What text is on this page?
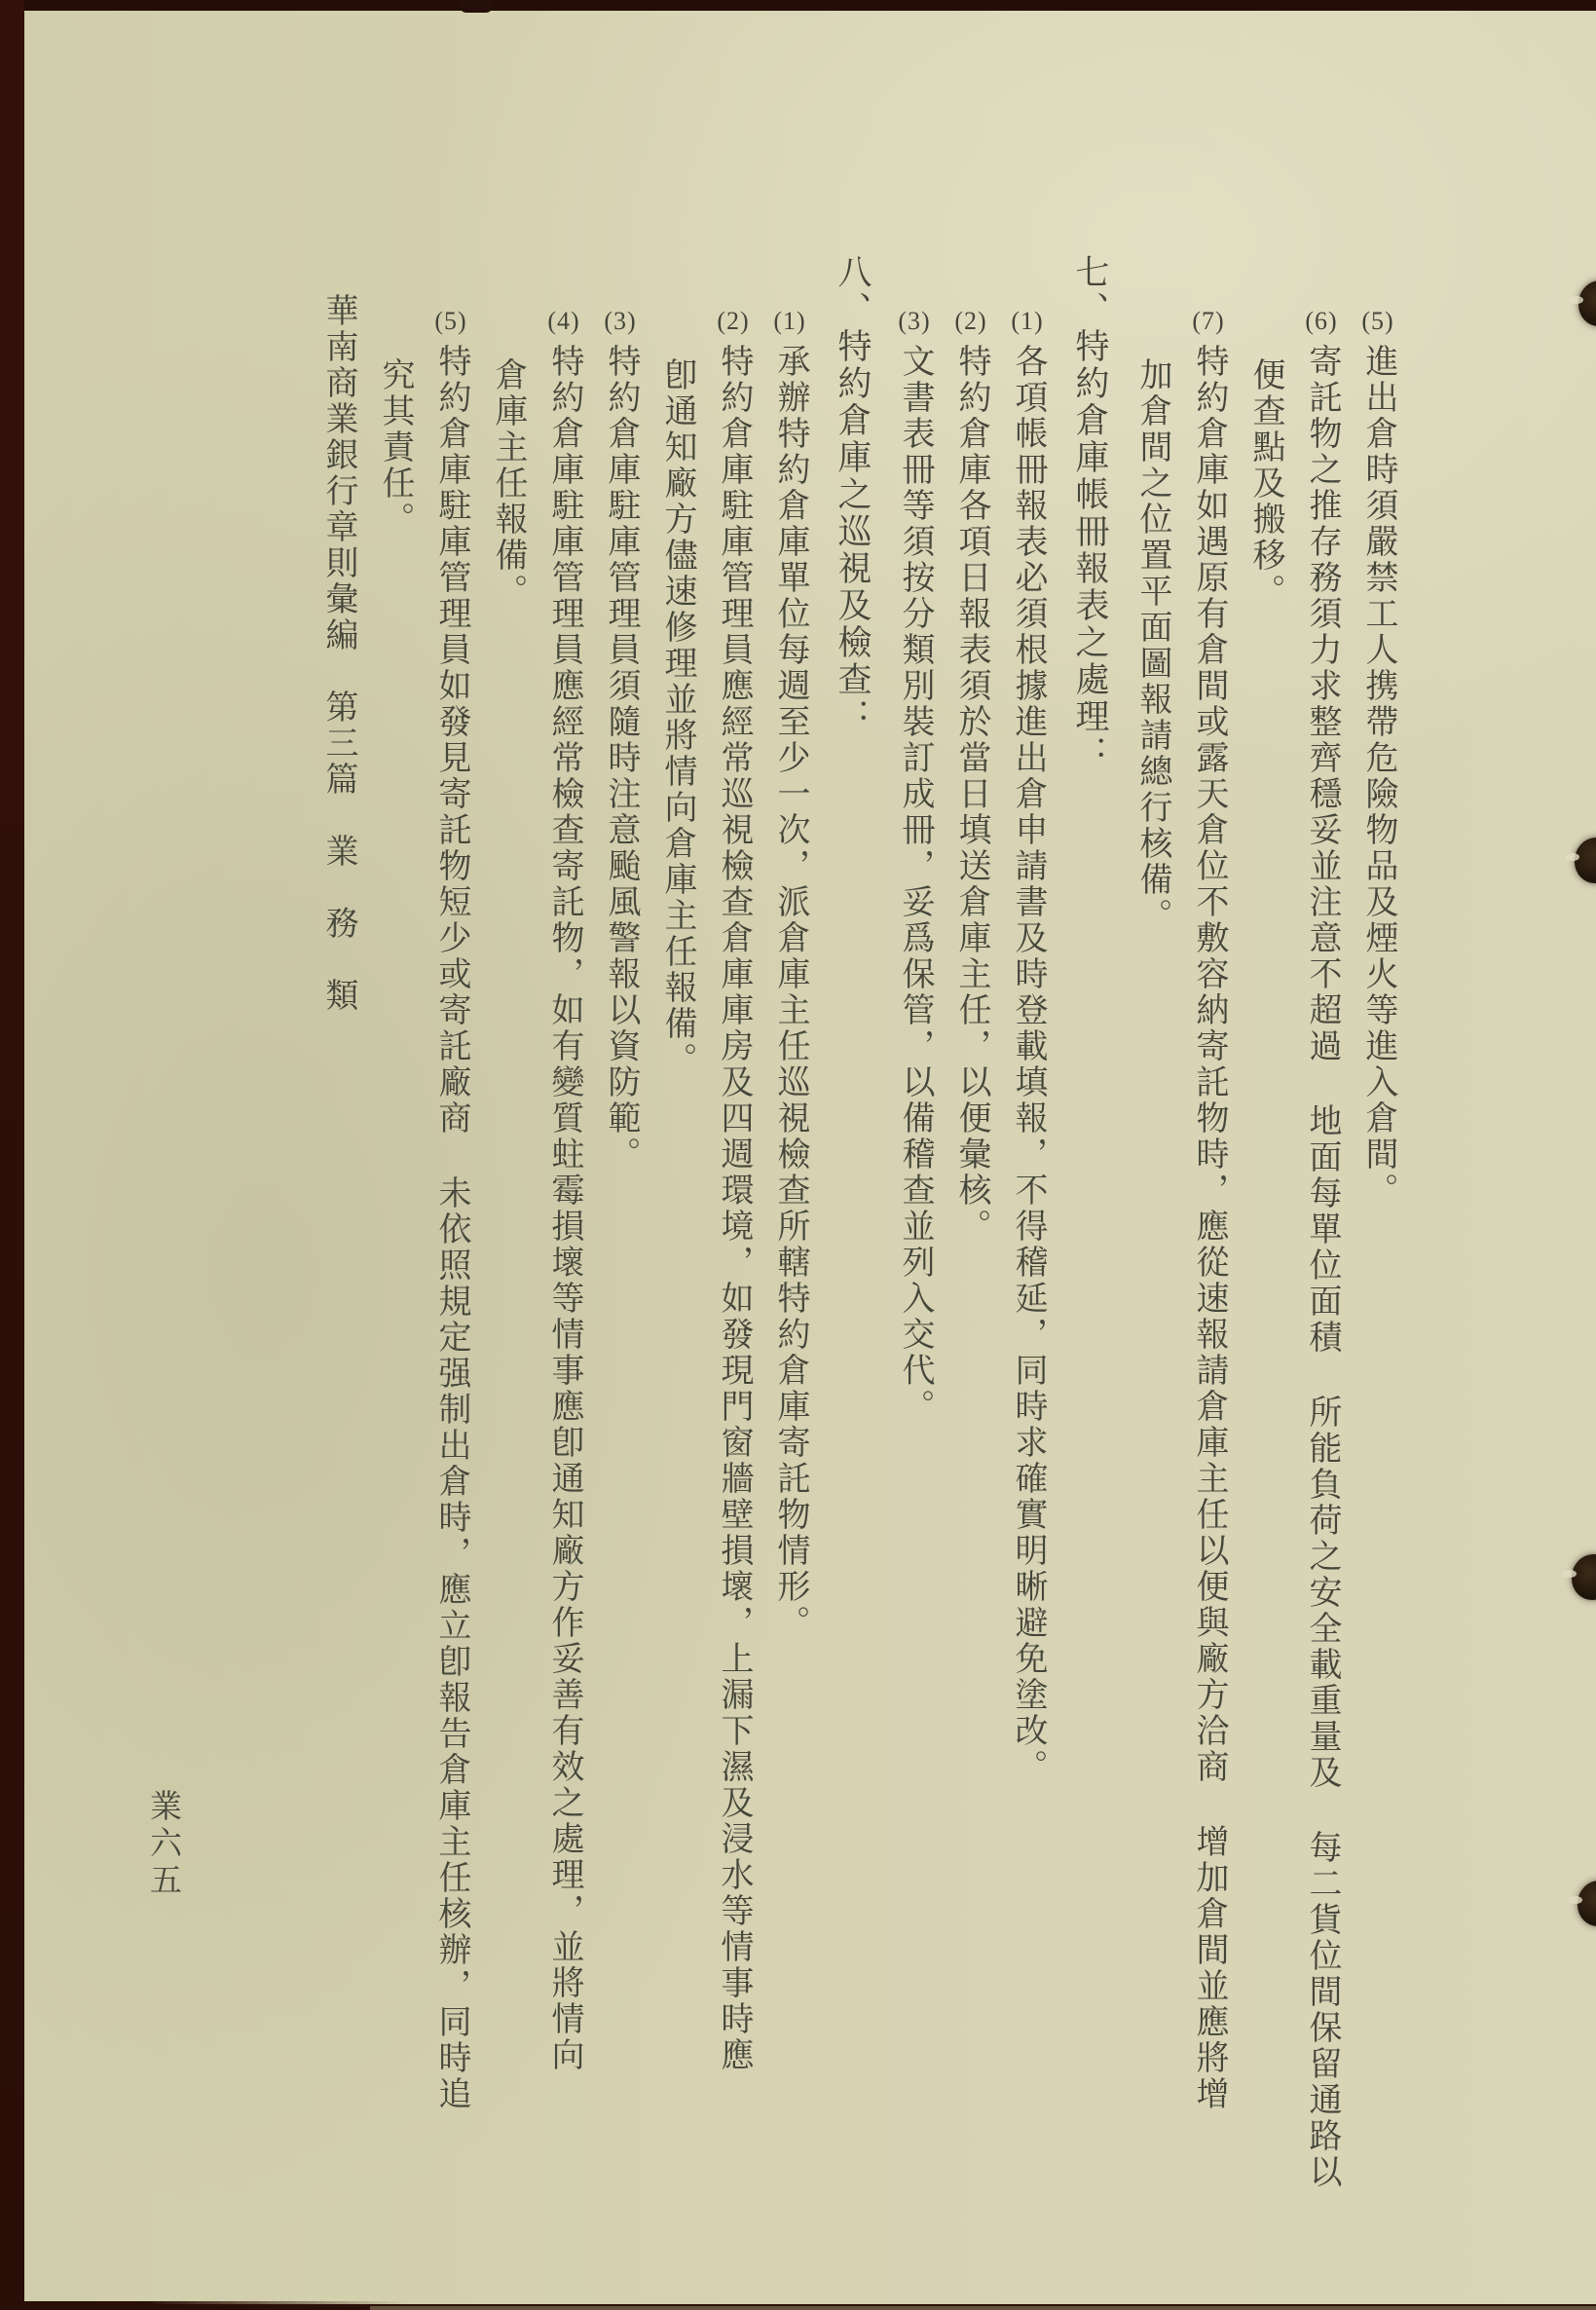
(5)進出倉時須嚴禁工人携帶危險物品及煙火等進入倉間。
(6)寄託物之推存務須力求整齊穩妥並注意不超過 地面每單位面積 所能負荷之安全載重量及 每二貨位間保留通路以
便查點及搬移。
(7)特約倉庫如遇原有倉間或露天倉位不敷容納寄託物時，應從速報請倉庫主任以便與廠方洽商 增加倉間並應將增
加倉間之位置平面圖報請總行核備。
七、特約倉庫帳冊報表之處理：
(1)各項帳冊報表必須根據進出倉申請書及時登載填報，不得稽延，同時求確實明晰避免塗改。
(2)特約倉庫各項日報表須於當日填送倉庫主任，以便彙核。
(3)文書表冊等須按分類別裝訂成冊，妥爲保管，以備稽查並列入交代。
八、特約倉庫之巡視及檢查：
(1)承辦特約倉庫單位每週至少一次，派倉庫主任巡視檢查所轄特約倉庫寄託物情形。
(2)特約倉庫駐庫管理員應經常巡視檢查倉庫庫房及四週環境，如發現門窗牆壁損壞，上漏下濕及浸水等情事時應
卽通知廠方儘速修理並將情向倉庫主任報備。
(3)特約倉庫駐庫管理員須隨時注意颱風警報以資防範。
(4)特約倉庫駐庫管理員應經常檢查寄託物，如有變質蛀霉損壞等情事應卽通知廠方作妥善有效之處理，並將情向
倉庫主任報備。
(5)特約倉庫駐庫管理員如發見寄託物短少或寄託廠商 未依照規定强制出倉時，應立卽報告倉庫主任核辦，同時追
究其責任。
華南商業銀行章則彙編　第三篇　業　務　類
業六五
